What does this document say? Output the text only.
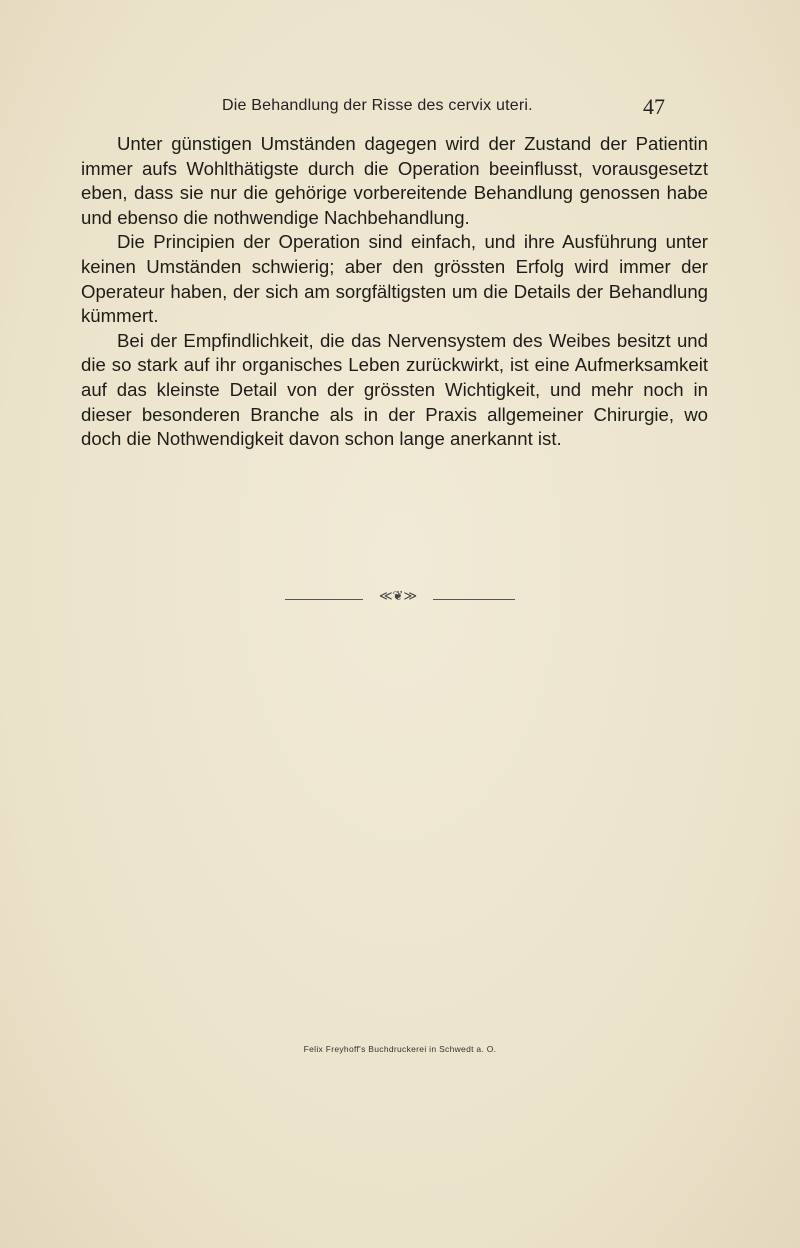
Die Behandlung der Risse des cervix uteri.	47

Unter günstigen Umständen dagegen wird der Zustand der Patientin immer aufs Wohlthätigste durch die Operation beeinflusst, vorausgesetzt eben, dass sie nur die gehörige vorbereitende Behandlung genossen habe und ebenso die nothwendige Nachbehandlung.

Die Principien der Operation sind einfach, und ihre Ausführung unter keinen Umständen schwierig; aber den grössten Erfolg wird immer der Operateur haben, der sich am sorgfältigsten um die Details der Behandlung kümmert.

Bei der Empfindlichkeit, die das Nervensystem des Weibes besitzt und die so stark auf ihr organisches Leben zurückwirkt, ist eine Aufmerksamkeit auf das kleinste Detail von der grössten Wichtigkeit, und mehr noch in dieser besonderen Branche als in der Praxis allgemeiner Chirurgie, wo doch die Nothwendigkeit davon schon lange anerkannt ist.

≪❦≫
Felix Freyhoff's Buchdruckerei in Schwedt a. O.
